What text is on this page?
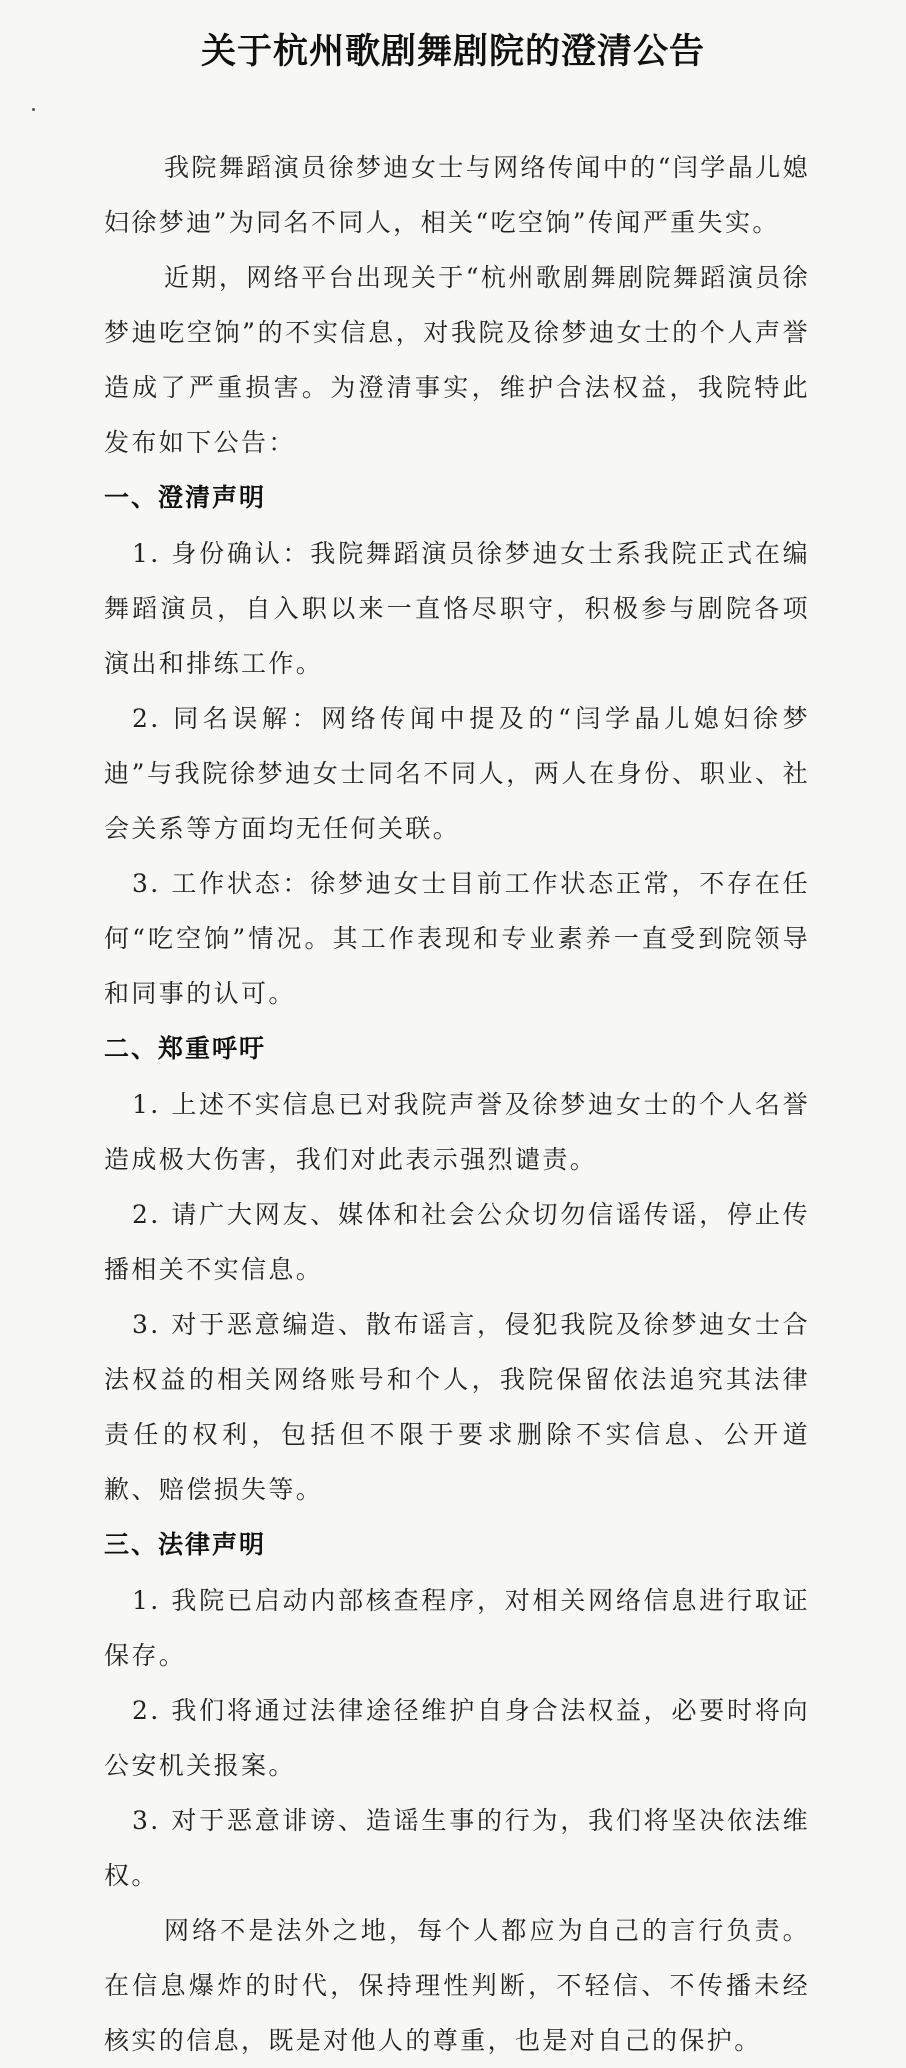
关于杭州歌剧舞剧院的澄清公告

我院舞蹈演员徐梦迪女士与网络传闻中的“闫学晶儿媳妇徐梦迪”为同名不同人，相关“吃空饷”传闻严重失实。

近期，网络平台出现关于“杭州歌剧舞剧院舞蹈演员徐梦迪吃空饷”的不实信息，对我院及徐梦迪女士的个人声誉造成了严重损害。为澄清事实，维护合法权益，我院特此发布如下公告：

一、澄清声明

1. 身份确认：我院舞蹈演员徐梦迪女士系我院正式在编舞蹈演员，自入职以来一直恪尽职守，积极参与剧院各项演出和排练工作。

2. 同名误解：网络传闻中提及的“闫学晶儿媳妇徐梦迪”与我院徐梦迪女士同名不同人，两人在身份、职业、社会关系等方面均无任何关联。

3. 工作状态：徐梦迪女士目前工作状态正常，不存在任何“吃空饷”情况。其工作表现和专业素养一直受到院领导和同事的认可。

二、郑重呼吁

1. 上述不实信息已对我院声誉及徐梦迪女士的个人名誉造成极大伤害，我们对此表示强烈谴责。

2. 请广大网友、媒体和社会公众切勿信谣传谣，停止传播相关不实信息。

3. 对于恶意编造、散布谣言，侵犯我院及徐梦迪女士合法权益的相关网络账号和个人，我院保留依法追究其法律责任的权利，包括但不限于要求删除不实信息、公开道歉、赔偿损失等。

三、法律声明

1. 我院已启动内部核查程序，对相关网络信息进行取证保存。

2. 我们将通过法律途径维护自身合法权益，必要时将向公安机关报案。

3. 对于恶意诽谤、造谣生事的行为，我们将坚决依法维权。

网络不是法外之地，每个人都应为自己的言行负责。在信息爆炸的时代，保持理性判断，不轻信、不传播未经核实的信息，既是对他人的尊重，也是对自己的保护。
